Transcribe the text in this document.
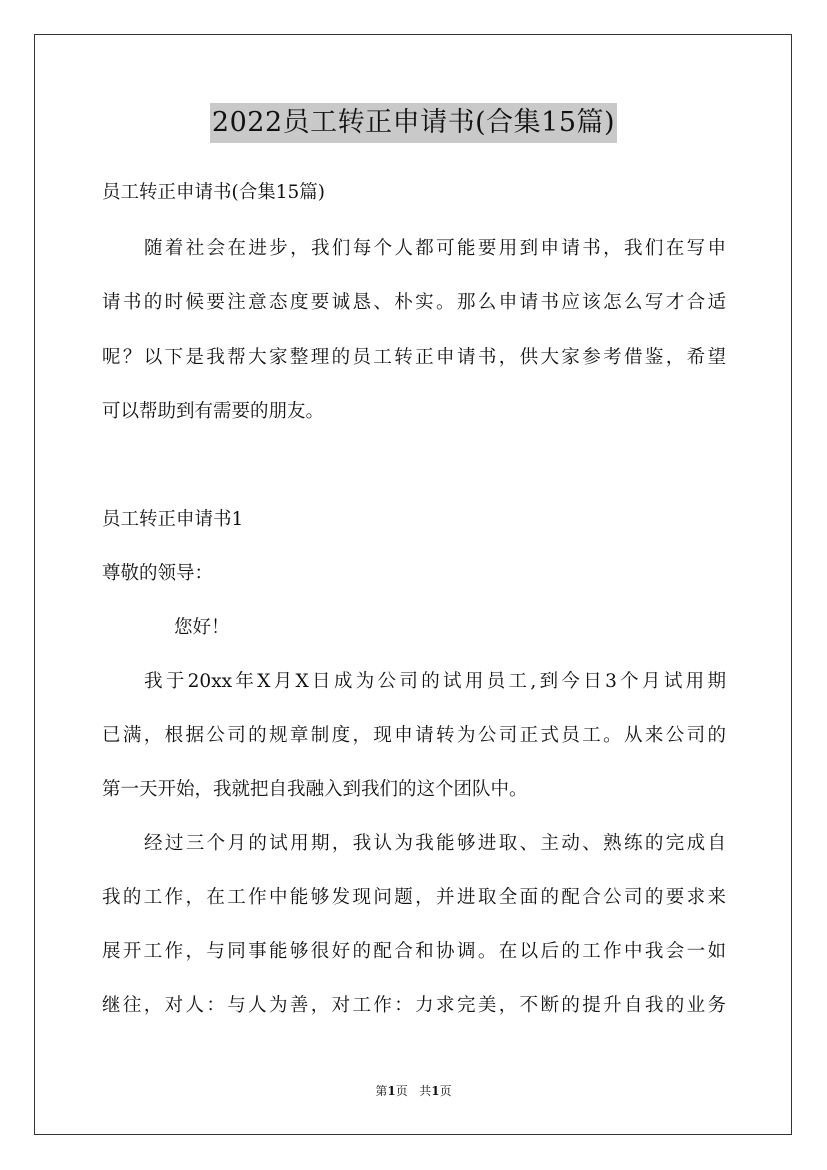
2022员工转正申请书(合集15篇)
员工转正申请书(合集15篇)
随着社会在进步，我们每个人都可能要用到申请书，我们在写申
请书的时候要注意态度要诚恳、朴实。那么申请书应该怎么写才合适
呢？以下是我帮大家整理的员工转正申请书，供大家参考借鉴，希望
可以帮助到有需要的朋友。
员工转正申请书1
尊敬的领导：
您好！
我于20xx年X月X日成为公司的试用员工,到今日3个月试用期
已满，根据公司的规章制度，现申请转为公司正式员工。从来公司的
第一天开始，我就把自我融入到我们的这个团队中。
经过三个月的试用期，我认为我能够进取、主动、熟练的完成自
我的工作，在工作中能够发现问题，并进取全面的配合公司的要求来
展开工作，与同事能够很好的配合和协调。在以后的工作中我会一如
继往，对人：与人为善，对工作：力求完美，不断的提升自我的业务
第1页 共1页
